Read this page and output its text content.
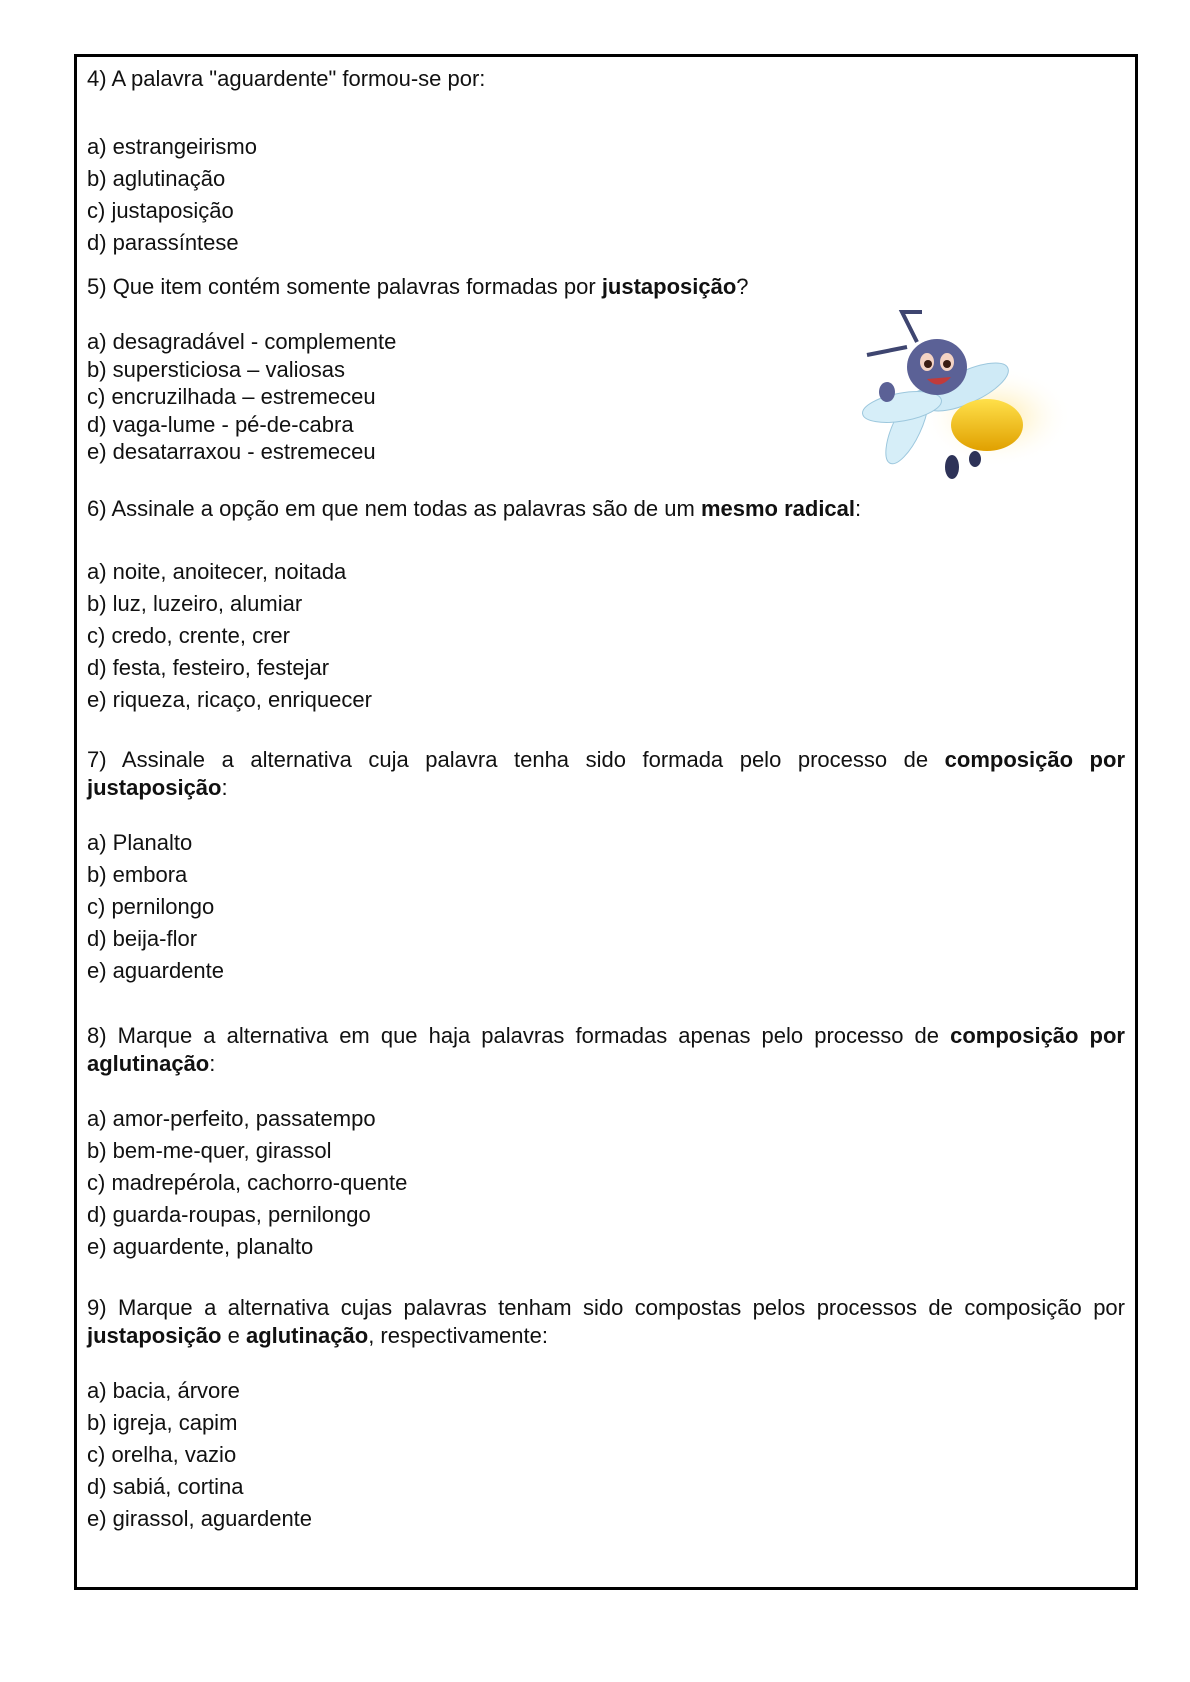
4) A palavra "aguardente" formou-se por:
a) estrangeirismo
b) aglutinação
c) justaposição
d) parassíntese
5) Que item contém somente palavras formadas por justaposição?
a) desagradável - complemente
b) supersticiosa – valiosas
c) encruzilhada – estremeceu
d) vaga-lume - pé-de-cabra
e) desatarraxou - estremeceu
6) Assinale a opção em que nem todas as palavras são de um mesmo radical:
a) noite, anoitecer, noitada
b) luz, luzeiro, alumiar
c) credo, crente, crer
d) festa, festeiro, festejar
e) riqueza, ricaço, enriquecer
7) Assinale a alternativa cuja palavra tenha sido formada pelo processo de composição por justaposição:
a) Planalto
b) embora
c) pernilongo
d) beija-flor
e) aguardente
8) Marque a alternativa em que haja palavras formadas apenas pelo processo de composição por aglutinação:
a) amor-perfeito, passatempo
b) bem-me-quer, girassol
c) madrepérola, cachorro-quente
d) guarda-roupas, pernilongo
e) aguardente, planalto
9) Marque a alternativa cujas palavras tenham sido compostas pelos processos de composição por justaposição e aglutinação, respectivamente:
a) bacia, árvore
b) igreja, capim
c) orelha, vazio
d) sabiá, cortina
e) girassol, aguardente
